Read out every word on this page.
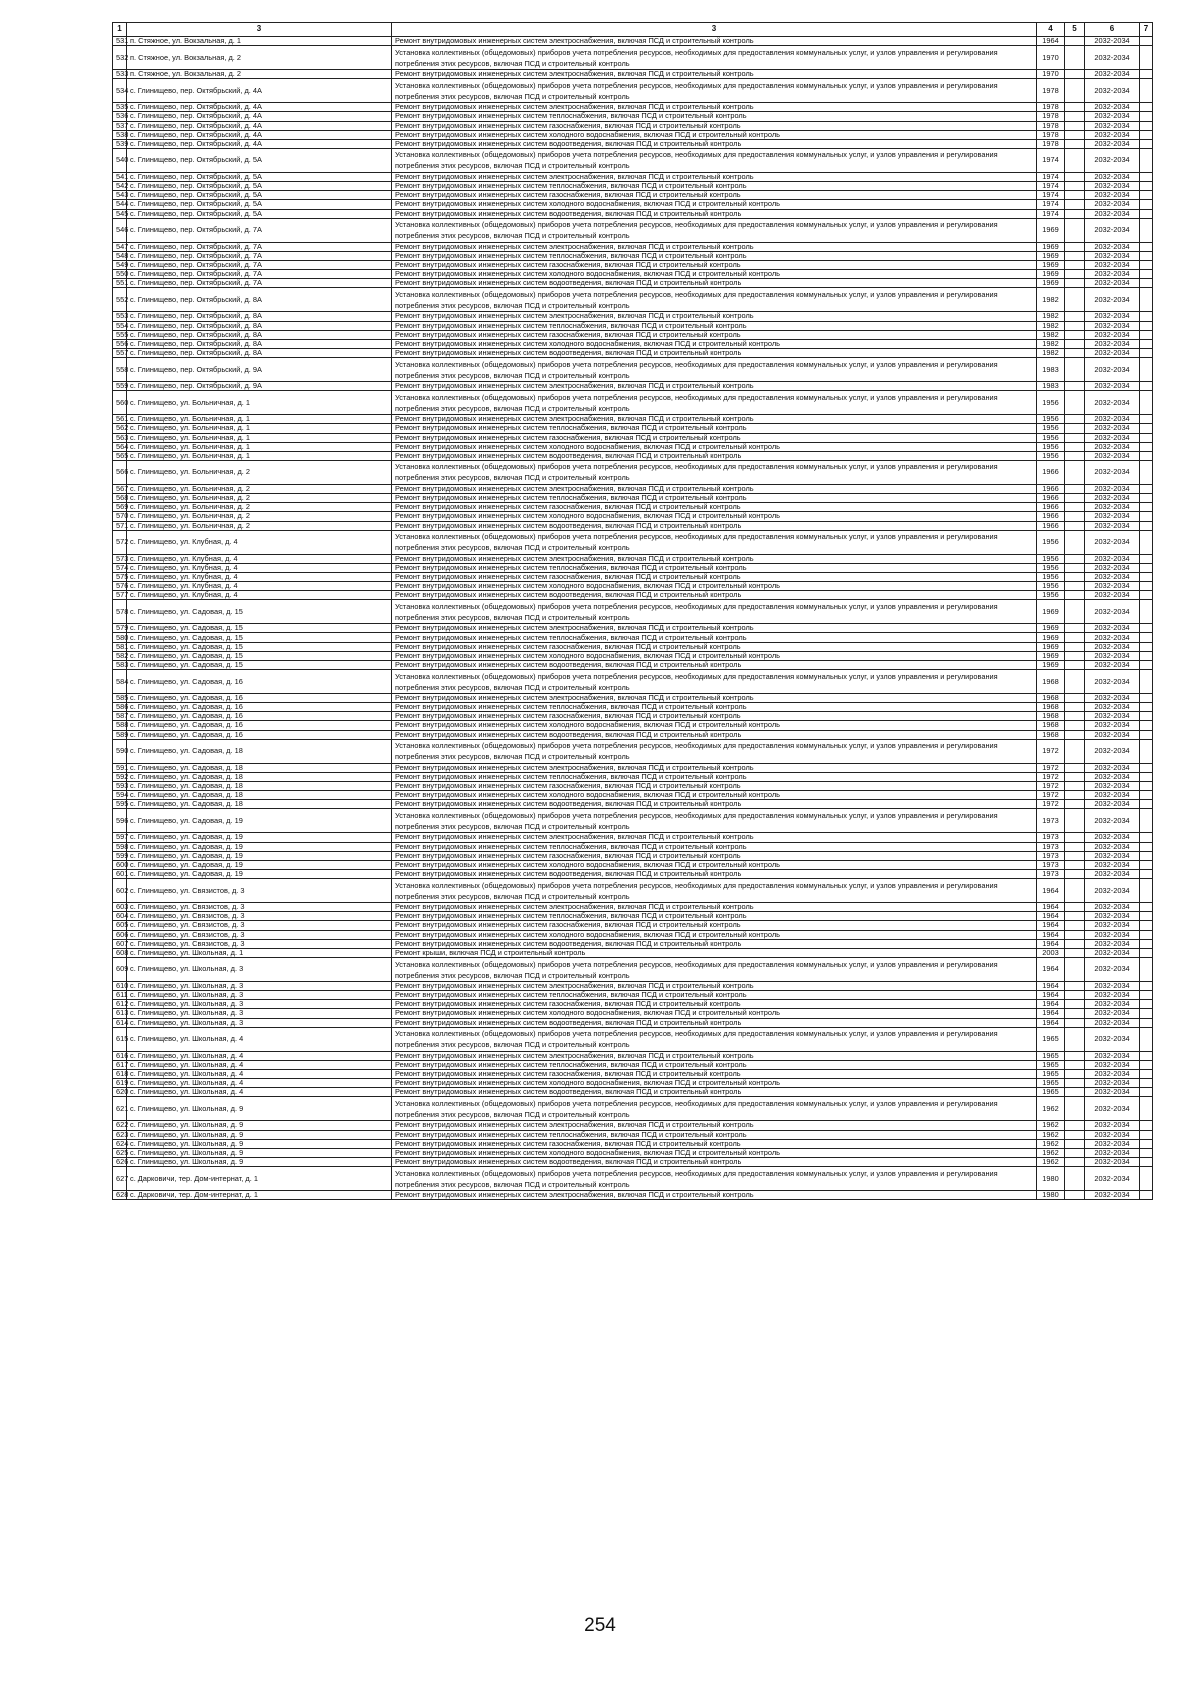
1	3	3	4	5	6	7
531	п. Стяжное, ул. Вокзальная, д. 1	Ремонт внутридомовых инженерных систем электроснабжения, включая ПСД и строительный контроль	1964		2032-2034	
532	п. Стяжное, ул. Вокзальная, д. 2	Установка коллективных (общедомовых) приборов учета потребления ресурсов, необходимых для предоставления коммунальных услуг, и узлов управления и регулирования потребления этих ресурсов, включая ПСД и строительный контроль	1970		2032-2034	
533	п. Стяжное, ул. Вокзальная, д. 2	Ремонт внутридомовых инженерных систем электроснабжения, включая ПСД и строительный контроль	1970		2032-2034	
534	с. Глинищево, пер. Октябрьский, д. 4А	Установка коллективных (общедомовых) приборов учета потребления ресурсов, необходимых для предоставления коммунальных услуг, и узлов управления и регулирования потребления этих ресурсов, включая ПСД и строительный контроль	1978		2032-2034	
535	с. Глинищево, пер. Октябрьский, д. 4А	Ремонт внутридомовых инженерных систем электроснабжения, включая ПСД и строительный контроль	1978		2032-2034	
536	с. Глинищево, пер. Октябрьский, д. 4А	Ремонт внутридомовых инженерных систем теплоснабжения, включая ПСД и строительный контроль	1978		2032-2034	
537	с. Глинищево, пер. Октябрьский, д. 4А	Ремонт внутридомовых инженерных систем газоснабжения, включая ПСД и строительный контроль	1978		2032-2034	
538	с. Глинищево, пер. Октябрьский, д. 4А	Ремонт внутридомовых инженерных систем холодного водоснабжения, включая ПСД и строительный контроль	1978		2032-2034	
539	с. Глинищево, пер. Октябрьский, д. 4А	Ремонт внутридомовых инженерных систем водоотведения, включая ПСД и строительный контроль	1978		2032-2034	
540	с. Глинищево, пер. Октябрьский, д. 5А	Установка коллективных (общедомовых) приборов учета потребления ресурсов, необходимых для предоставления коммунальных услуг, и узлов управления и регулирования потребления этих ресурсов, включая ПСД и строительный контроль	1974		2032-2034	
541	с. Глинищево, пер. Октябрьский, д. 5А	Ремонт внутридомовых инженерных систем электроснабжения, включая ПСД и строительный контроль	1974		2032-2034	
542	с. Глинищево, пер. Октябрьский, д. 5А	Ремонт внутридомовых инженерных систем теплоснабжения, включая ПСД и строительный контроль	1974		2032-2034	
543	с. Глинищево, пер. Октябрьский, д. 5А	Ремонт внутридомовых инженерных систем газоснабжения, включая ПСД и строительный контроль	1974		2032-2034	
544	с. Глинищево, пер. Октябрьский, д. 5А	Ремонт внутридомовых инженерных систем холодного водоснабжения, включая ПСД и строительный контроль	1974		2032-2034	
545	с. Глинищево, пер. Октябрьский, д. 5А	Ремонт внутридомовых инженерных систем водоотведения, включая ПСД и строительный контроль	1974		2032-2034	
546	с. Глинищево, пер. Октябрьский, д. 7А	Установка коллективных (общедомовых) приборов учета потребления ресурсов, необходимых для предоставления коммунальных услуг, и узлов управления и регулирования потребления этих ресурсов, включая ПСД и строительный контроль	1969		2032-2034	
547	с. Глинищево, пер. Октябрьский, д. 7А	Ремонт внутридомовых инженерных систем электроснабжения, включая ПСД и строительный контроль	1969		2032-2034	
548	с. Глинищево, пер. Октябрьский, д. 7А	Ремонт внутридомовых инженерных систем теплоснабжения, включая ПСД и строительный контроль	1969		2032-2034	
549	с. Глинищево, пер. Октябрьский, д. 7А	Ремонт внутридомовых инженерных систем газоснабжения, включая ПСД и строительный контроль	1969		2032-2034	
550	с. Глинищево, пер. Октябрьский, д. 7А	Ремонт внутридомовых инженерных систем холодного водоснабжения, включая ПСД и строительный контроль	1969		2032-2034	
551	с. Глинищево, пер. Октябрьский, д. 7А	Ремонт внутридомовых инженерных систем водоотведения, включая ПСД и строительный контроль	1969		2032-2034	
552	с. Глинищево, пер. Октябрьский, д. 8А	Установка коллективных (общедомовых) приборов учета потребления ресурсов, необходимых для предоставления коммунальных услуг, и узлов управления и регулирования потребления этих ресурсов, включая ПСД и строительный контроль	1982		2032-2034	
553	с. Глинищево, пер. Октябрьский, д. 8А	Ремонт внутридомовых инженерных систем электроснабжения, включая ПСД и строительный контроль	1982		2032-2034	
554	с. Глинищево, пер. Октябрьский, д. 8А	Ремонт внутридомовых инженерных систем теплоснабжения, включая ПСД и строительный контроль	1982		2032-2034	
555	с. Глинищево, пер. Октябрьский, д. 8А	Ремонт внутридомовых инженерных систем газоснабжения, включая ПСД и строительный контроль	1982		2032-2034	
556	с. Глинищево, пер. Октябрьский, д. 8А	Ремонт внутридомовых инженерных систем холодного водоснабжения, включая ПСД и строительный контроль	1982		2032-2034	
557	с. Глинищево, пер. Октябрьский, д. 8А	Ремонт внутридомовых инженерных систем водоотведения, включая ПСД и строительный контроль	1982		2032-2034	
558	с. Глинищево, пер. Октябрьский, д. 9А	Установка коллективных (общедомовых) приборов учета потребления ресурсов, необходимых для предоставления коммунальных услуг, и узлов управления и регулирования потребления этих ресурсов, включая ПСД и строительный контроль	1983		2032-2034	
559	с. Глинищево, пер. Октябрьский, д. 9А	Ремонт внутридомовых инженерных систем электроснабжения, включая ПСД и строительный контроль	1983		2032-2034	
560	с. Глинищево, ул. Больничная, д. 1	Установка коллективных (общедомовых) приборов учета потребления ресурсов, необходимых для предоставления коммунальных услуг, и узлов управления и регулирования потребления этих ресурсов, включая ПСД и строительный контроль	1956		2032-2034	
561	с. Глинищево, ул. Больничная, д. 1	Ремонт внутридомовых инженерных систем электроснабжения, включая ПСД и строительный контроль	1956		2032-2034	
562	с. Глинищево, ул. Больничная, д. 1	Ремонт внутридомовых инженерных систем теплоснабжения, включая ПСД и строительный контроль	1956		2032-2034	
563	с. Глинищево, ул. Больничная, д. 1	Ремонт внутридомовых инженерных систем газоснабжения, включая ПСД и строительный контроль	1956		2032-2034	
564	с. Глинищево, ул. Больничная, д. 1	Ремонт внутридомовых инженерных систем холодного водоснабжения, включая ПСД и строительный контроль	1956		2032-2034	
565	с. Глинищево, ул. Больничная, д. 1	Ремонт внутридомовых инженерных систем водоотведения, включая ПСД и строительный контроль	1956		2032-2034	
566	с. Глинищево, ул. Больничная, д. 2	Установка коллективных (общедомовых) приборов учета потребления ресурсов, необходимых для предоставления коммунальных услуг, и узлов управления и регулирования потребления этих ресурсов, включая ПСД и строительный контроль	1966		2032-2034	
567	с. Глинищево, ул. Больничная, д. 2	Ремонт внутридомовых инженерных систем электроснабжения, включая ПСД и строительный контроль	1966		2032-2034	
568	с. Глинищево, ул. Больничная, д. 2	Ремонт внутридомовых инженерных систем теплоснабжения, включая ПСД и строительный контроль	1966		2032-2034	
569	с. Глинищево, ул. Больничная, д. 2	Ремонт внутридомовых инженерных систем газоснабжения, включая ПСД и строительный контроль	1966		2032-2034	
570	с. Глинищево, ул. Больничная, д. 2	Ремонт внутридомовых инженерных систем холодного водоснабжения, включая ПСД и строительный контроль	1966		2032-2034	
571	с. Глинищево, ул. Больничная, д. 2	Ремонт внутридомовых инженерных систем водоотведения, включая ПСД и строительный контроль	1966		2032-2034	
572	с. Глинищево, ул. Клубная, д. 4	Установка коллективных (общедомовых) приборов учета потребления ресурсов, необходимых для предоставления коммунальных услуг, и узлов управления и регулирования потребления этих ресурсов, включая ПСД и строительный контроль	1956		2032-2034	
573	с. Глинищево, ул. Клубная, д. 4	Ремонт внутридомовых инженерных систем электроснабжения, включая ПСД и строительный контроль	1956		2032-2034	
574	с. Глинищево, ул. Клубная, д. 4	Ремонт внутридомовых инженерных систем теплоснабжения, включая ПСД и строительный контроль	1956		2032-2034	
575	с. Глинищево, ул. Клубная, д. 4	Ремонт внутридомовых инженерных систем газоснабжения, включая ПСД и строительный контроль	1956		2032-2034	
576	с. Глинищево, ул. Клубная, д. 4	Ремонт внутридомовых инженерных систем холодного водоснабжения, включая ПСД и строительный контроль	1956		2032-2034	
577	с. Глинищево, ул. Клубная, д. 4	Ремонт внутридомовых инженерных систем водоотведения, включая ПСД и строительный контроль	1956		2032-2034	
578	с. Глинищево, ул. Садовая, д. 15	Установка коллективных (общедомовых) приборов учета потребления ресурсов, необходимых для предоставления коммунальных услуг, и узлов управления и регулирования потребления этих ресурсов, включая ПСД и строительный контроль	1969		2032-2034	
579	с. Глинищево, ул. Садовая, д. 15	Ремонт внутридомовых инженерных систем электроснабжения, включая ПСД и строительный контроль	1969		2032-2034	
580	с. Глинищево, ул. Садовая, д. 15	Ремонт внутридомовых инженерных систем теплоснабжения, включая ПСД и строительный контроль	1969		2032-2034	
581	с. Глинищево, ул. Садовая, д. 15	Ремонт внутридомовых инженерных систем газоснабжения, включая ПСД и строительный контроль	1969		2032-2034	
582	с. Глинищево, ул. Садовая, д. 15	Ремонт внутридомовых инженерных систем холодного водоснабжения, включая ПСД и строительный контроль	1969		2032-2034	
583	с. Глинищево, ул. Садовая, д. 15	Ремонт внутридомовых инженерных систем водоотведения, включая ПСД и строительный контроль	1969		2032-2034	
584	с. Глинищево, ул. Садовая, д. 16	Установка коллективных (общедомовых) приборов учета потребления ресурсов, необходимых для предоставления коммунальных услуг, и узлов управления и регулирования потребления этих ресурсов, включая ПСД и строительный контроль	1968		2032-2034	
585	с. Глинищево, ул. Садовая, д. 16	Ремонт внутридомовых инженерных систем электроснабжения, включая ПСД и строительный контроль	1968		2032-2034	
586	с. Глинищево, ул. Садовая, д. 16	Ремонт внутридомовых инженерных систем теплоснабжения, включая ПСД и строительный контроль	1968		2032-2034	
587	с. Глинищево, ул. Садовая, д. 16	Ремонт внутридомовых инженерных систем газоснабжения, включая ПСД и строительный контроль	1968		2032-2034	
588	с. Глинищево, ул. Садовая, д. 16	Ремонт внутридомовых инженерных систем холодного водоснабжения, включая ПСД и строительный контроль	1968		2032-2034	
589	с. Глинищево, ул. Садовая, д. 16	Ремонт внутридомовых инженерных систем водоотведения, включая ПСД и строительный контроль	1968		2032-2034	
590	с. Глинищево, ул. Садовая, д. 18	Установка коллективных (общедомовых) приборов учета потребления ресурсов, необходимых для предоставления коммунальных услуг, и узлов управления и регулирования потребления этих ресурсов, включая ПСД и строительный контроль	1972		2032-2034	
591	с. Глинищево, ул. Садовая, д. 18	Ремонт внутридомовых инженерных систем электроснабжения, включая ПСД и строительный контроль	1972		2032-2034	
592	с. Глинищево, ул. Садовая, д. 18	Ремонт внутридомовых инженерных систем теплоснабжения, включая ПСД и строительный контроль	1972		2032-2034	
593	с. Глинищево, ул. Садовая, д. 18	Ремонт внутридомовых инженерных систем газоснабжения, включая ПСД и строительный контроль	1972		2032-2034	
594	с. Глинищево, ул. Садовая, д. 18	Ремонт внутридомовых инженерных систем холодного водоснабжения, включая ПСД и строительный контроль	1972		2032-2034	
595	с. Глинищево, ул. Садовая, д. 18	Ремонт внутридомовых инженерных систем водоотведения, включая ПСД и строительный контроль	1972		2032-2034	
596	с. Глинищево, ул. Садовая, д. 19	Установка коллективных (общедомовых) приборов учета потребления ресурсов, необходимых для предоставления коммунальных услуг, и узлов управления и регулирования потребления этих ресурсов, включая ПСД и строительный контроль	1973		2032-2034	
597	с. Глинищево, ул. Садовая, д. 19	Ремонт внутридомовых инженерных систем электроснабжения, включая ПСД и строительный контроль	1973		2032-2034	
598	с. Глинищево, ул. Садовая, д. 19	Ремонт внутридомовых инженерных систем теплоснабжения, включая ПСД и строительный контроль	1973		2032-2034	
599	с. Глинищево, ул. Садовая, д. 19	Ремонт внутридомовых инженерных систем газоснабжения, включая ПСД и строительный контроль	1973		2032-2034	
600	с. Глинищево, ул. Садовая, д. 19	Ремонт внутридомовых инженерных систем холодного водоснабжения, включая ПСД и строительный контроль	1973		2032-2034	
601	с. Глинищево, ул. Садовая, д. 19	Ремонт внутридомовых инженерных систем водоотведения, включая ПСД и строительный контроль	1973		2032-2034	
602	с. Глинищево, ул. Связистов, д. 3	Установка коллективных (общедомовых) приборов учета потребления ресурсов, необходимых для предоставления коммунальных услуг, и узлов управления и регулирования потребления этих ресурсов, включая ПСД и строительный контроль	1964		2032-2034	
603	с. Глинищево, ул. Связистов, д. 3	Ремонт внутридомовых инженерных систем электроснабжения, включая ПСД и строительный контроль	1964		2032-2034	
604	с. Глинищево, ул. Связистов, д. 3	Ремонт внутридомовых инженерных систем теплоснабжения, включая ПСД и строительный контроль	1964		2032-2034	
605	с. Глинищево, ул. Связистов, д. 3	Ремонт внутридомовых инженерных систем газоснабжения, включая ПСД и строительный контроль	1964		2032-2034	
606	с. Глинищево, ул. Связистов, д. 3	Ремонт внутридомовых инженерных систем холодного водоснабжения, включая ПСД и строительный контроль	1964		2032-2034	
607	с. Глинищево, ул. Связистов, д. 3	Ремонт внутридомовых инженерных систем водоотведения, включая ПСД и строительный контроль	1964		2032-2034	
608	с. Глинищево, ул. Школьная, д. 1	Ремонт крыши, включая ПСД и строительный контроль	2003		2032-2034	
609	с. Глинищево, ул. Школьная, д. 3	Установка коллективных (общедомовых) приборов учета потребления ресурсов, необходимых для предоставления коммунальных услуг, и узлов управления и регулирования потребления этих ресурсов, включая ПСД и строительный контроль	1964		2032-2034	
610	с. Глинищево, ул. Школьная, д. 3	Ремонт внутридомовых инженерных систем электроснабжения, включая ПСД и строительный контроль	1964		2032-2034	
611	с. Глинищево, ул. Школьная, д. 3	Ремонт внутридомовых инженерных систем теплоснабжения, включая ПСД и строительный контроль	1964		2032-2034	
612	с. Глинищево, ул. Школьная, д. 3	Ремонт внутридомовых инженерных систем газоснабжения, включая ПСД и строительный контроль	1964		2032-2034	
613	с. Глинищево, ул. Школьная, д. 3	Ремонт внутридомовых инженерных систем холодного водоснабжения, включая ПСД и строительный контроль	1964		2032-2034	
614	с. Глинищево, ул. Школьная, д. 3	Ремонт внутридомовых инженерных систем водоотведения, включая ПСД и строительный контроль	1964		2032-2034	
615	с. Глинищево, ул. Школьная, д. 4	Установка коллективных (общедомовых) приборов учета потребления ресурсов, необходимых для предоставления коммунальных услуг, и узлов управления и регулирования потребления этих ресурсов, включая ПСД и строительный контроль	1965		2032-2034	
616	с. Глинищево, ул. Школьная, д. 4	Ремонт внутридомовых инженерных систем электроснабжения, включая ПСД и строительный контроль	1965		2032-2034	
617	с. Глинищево, ул. Школьная, д. 4	Ремонт внутридомовых инженерных систем теплоснабжения, включая ПСД и строительный контроль	1965		2032-2034	
618	с. Глинищево, ул. Школьная, д. 4	Ремонт внутридомовых инженерных систем газоснабжения, включая ПСД и строительный контроль	1965		2032-2034	
619	с. Глинищево, ул. Школьная, д. 4	Ремонт внутридомовых инженерных систем холодного водоснабжения, включая ПСД и строительный контроль	1965		2032-2034	
620	с. Глинищево, ул. Школьная, д. 4	Ремонт внутридомовых инженерных систем водоотведения, включая ПСД и строительный контроль	1965		2032-2034	
621	с. Глинищево, ул. Школьная, д. 9	Установка коллективных (общедомовых) приборов учета потребления ресурсов, необходимых для предоставления коммунальных услуг, и узлов управления и регулирования потребления этих ресурсов, включая ПСД и строительный контроль	1962		2032-2034	
622	с. Глинищево, ул. Школьная, д. 9	Ремонт внутридомовых инженерных систем электроснабжения, включая ПСД и строительный контроль	1962		2032-2034	
623	с. Глинищево, ул. Школьная, д. 9	Ремонт внутридомовых инженерных систем теплоснабжения, включая ПСД и строительный контроль	1962		2032-2034	
624	с. Глинищево, ул. Школьная, д. 9	Ремонт внутридомовых инженерных систем газоснабжения, включая ПСД и строительный контроль	1962		2032-2034	
625	с. Глинищево, ул. Школьная, д. 9	Ремонт внутридомовых инженерных систем холодного водоснабжения, включая ПСД и строительный контроль	1962		2032-2034	
626	с. Глинищево, ул. Школьная, д. 9	Ремонт внутридомовых инженерных систем водоотведения, включая ПСД и строительный контроль	1962		2032-2034	
627	с. Дарковичи, тер. Дом-интернат, д. 1	Установка коллективных (общедомовых) приборов учета потребления ресурсов, необходимых для предоставления коммунальных услуг, и узлов управления и регулирования потребления этих ресурсов, включая ПСД и строительный контроль	1980		2032-2034	
628	с. Дарковичи, тер. Дом-интернат, д. 1	Ремонт внутридомовых инженерных систем электроснабжения, включая ПСД и строительный контроль	1980		2032-2034	
254
